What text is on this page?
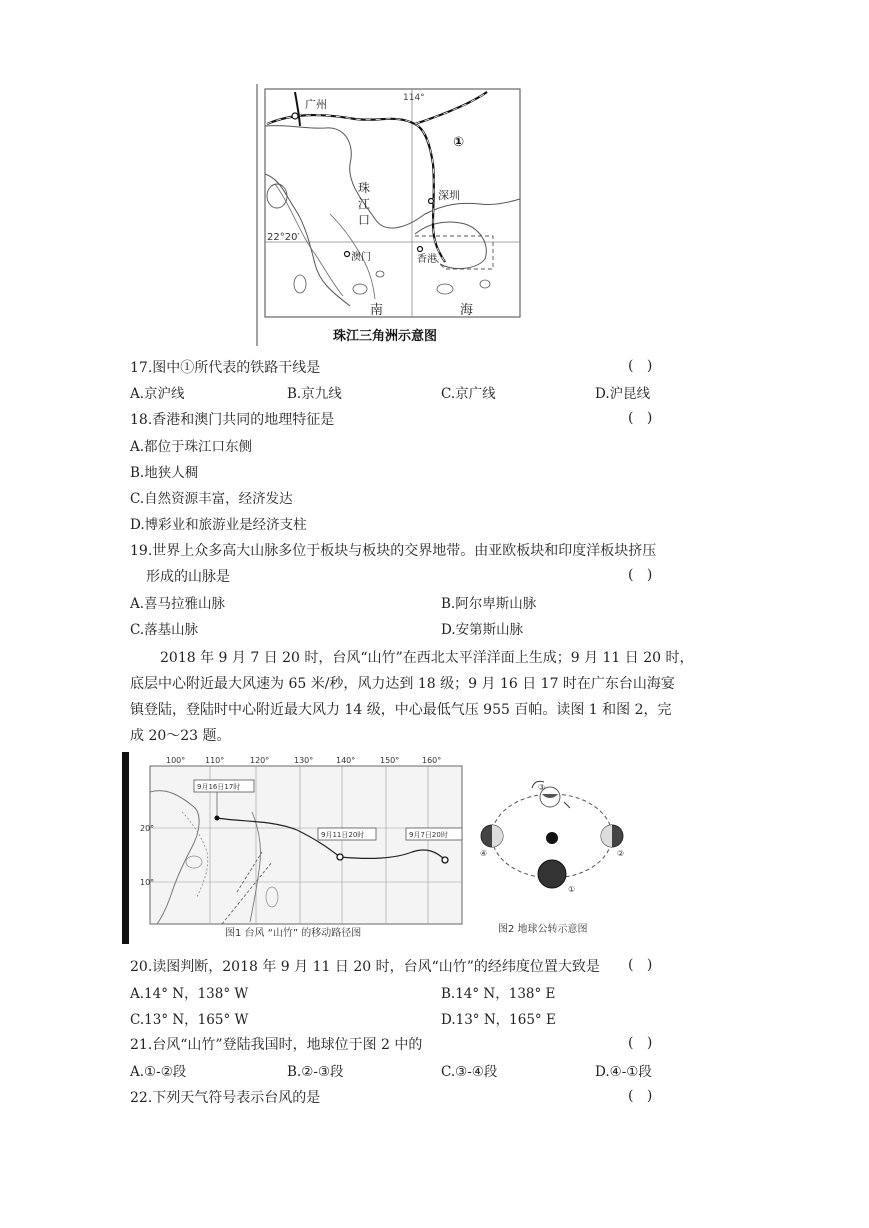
广州	114°
①
珠
江
口
深圳
22°20′
澳门	香港
南	海
珠江三角洲示意图
17.图中①所代表的铁路干线是	(   )
A.京沪线	B.京九线	C.京广线	D.沪昆线
18.香港和澳门共同的地理特征是	(   )
A.都位于珠江口东侧
B.地狭人稠
C.自然资源丰富，经济发达
D.博彩业和旅游业是经济支柱
19.世界上众多高大山脉多位于板块与板块的交界地带。由亚欧板块和印度洋板块挤压
形成的山脉是	(   )
A.喜马拉雅山脉	B.阿尔卑斯山脉
C.落基山脉	D.安第斯山脉
2018 年 9 月 7 日 20 时，台风“山竹”在西北太平洋洋面上生成；9 月 11 日 20 时，
底层中心附近最大风速为 65 米/秒，风力达到 18 级；9 月 16 日 17 时在广东台山海宴
镇登陆，登陆时中心附近最大风力 14 级，中心最低气压 955 百帕。读图 1 和图 2，完
成 20～23 题。
100° 110°	120°	130°	140°	150°	160°
20°
10°
9月16日17时
9月11日20时	9月7日20时
图1 台风 “山竹” 的移动路径图
③
④	②
①
图2 地球公转示意图
20.读图判断，2018 年 9 月 11 日 20 时，台风“山竹”的经纬度位置大致是 (   )
A.14° N，138° W	B.14° N，138° E
C.13° N，165° W	D.13° N，165° E
21.台风“山竹”登陆我国时，地球位于图 2 中的	(   )
A.①-②段	B.②-③段	C.③-④段	D.④-①段
22.下列天气符号表示台风的是	(   )
